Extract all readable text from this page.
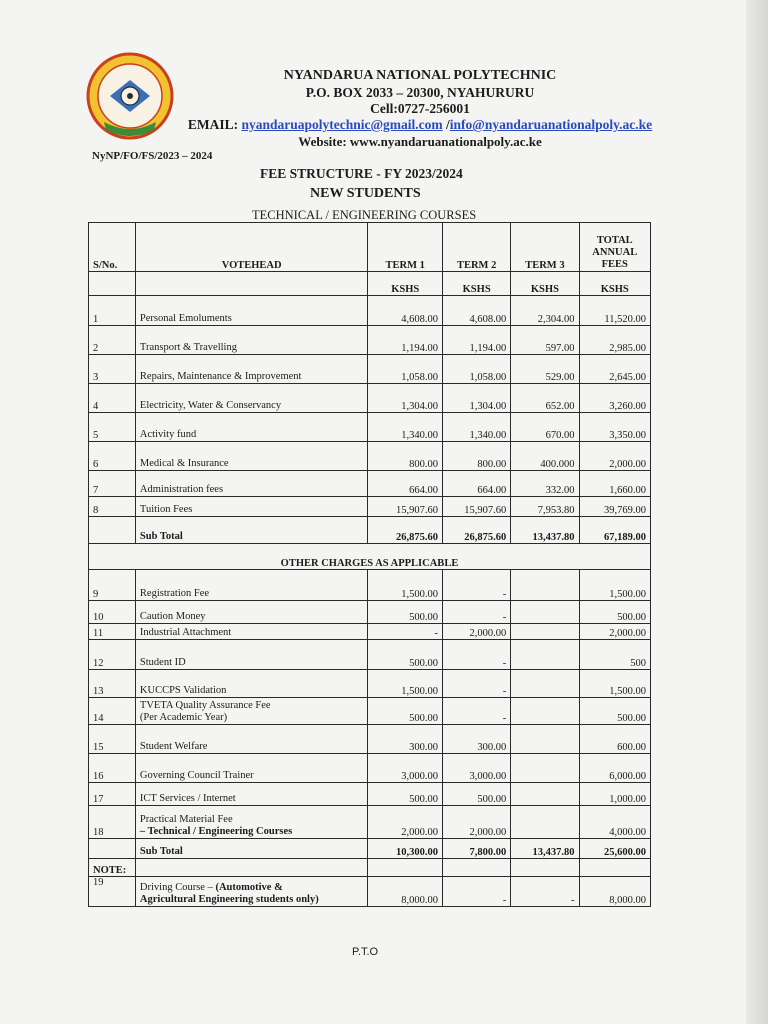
NYANDARUA NATIONAL POLYTECHNIC
P.O. BOX 2033 – 20300, NYAHURURU
Cell:0727-256001
EMAIL: nyandaruapolytechnic@gmail.com /info@nyandaruanationalpoly.ac.ke
Website: www.nyandaruanationalpoly.ac.ke
NyNP/FO/FS/2023 – 2024
FEE STRUCTURE - FY 2023/2024
NEW STUDENTS
TECHNICAL / ENGINEERING COURSES
S/No.	VOTEHEAD	TERM 1	TERM 2	TERM 3	TOTAL
ANNUAL
FEES
		KSHS	KSHS	KSHS	KSHS
1	Personal Emoluments	4,608.00	4,608.00	2,304.00	11,520.00
2	Transport & Travelling	1,194.00	1,194.00	597.00	2,985.00
3	Repairs, Maintenance & Improvement	1,058.00	1,058.00	529.00	2,645.00
4	Electricity, Water & Conservancy	1,304.00	1,304.00	652.00	3,260.00
5	Activity fund	1,340.00	1,340.00	670.00	3,350.00
6	Medical & Insurance	800.00	800.00	400.000	2,000.00
7	Administration fees	664.00	664.00	332.00	1,660.00
8	Tuition Fees	15,907.60	15,907.60	7,953.80	39,769.00
	Sub Total	26,875.60	26,875.60	13,437.80	67,189.00
OTHER CHARGES AS APPLICABLE					
9	Registration Fee	1,500.00	-		1,500.00
10	Caution Money	500.00	-		500.00
11	Industrial Attachment	-	2,000.00		2,000.00
12	Student ID	500.00	-		500
13	KUCCPS Validation	1,500.00	-		1,500.00
14	TVETA Quality Assurance Fee
(Per Academic Year)	500.00	-		500.00
15	Student Welfare	300.00	300.00		600.00
16	Governing Council Trainer	3,000.00	3,000.00		6,000.00
17	ICT Services / Internet	500.00	500.00		1,000.00
18	Practical Material Fee
– Technical / Engineering Courses	2,000.00	2,000.00		4,000.00
	Sub Total	10,300.00	7,800.00	13,437.80	25,600.00
NOTE:					
19	Driving Course – (Automotive &
Agricultural Engineering students only)	8,000.00	-	-	8,000.00
P.T.O
